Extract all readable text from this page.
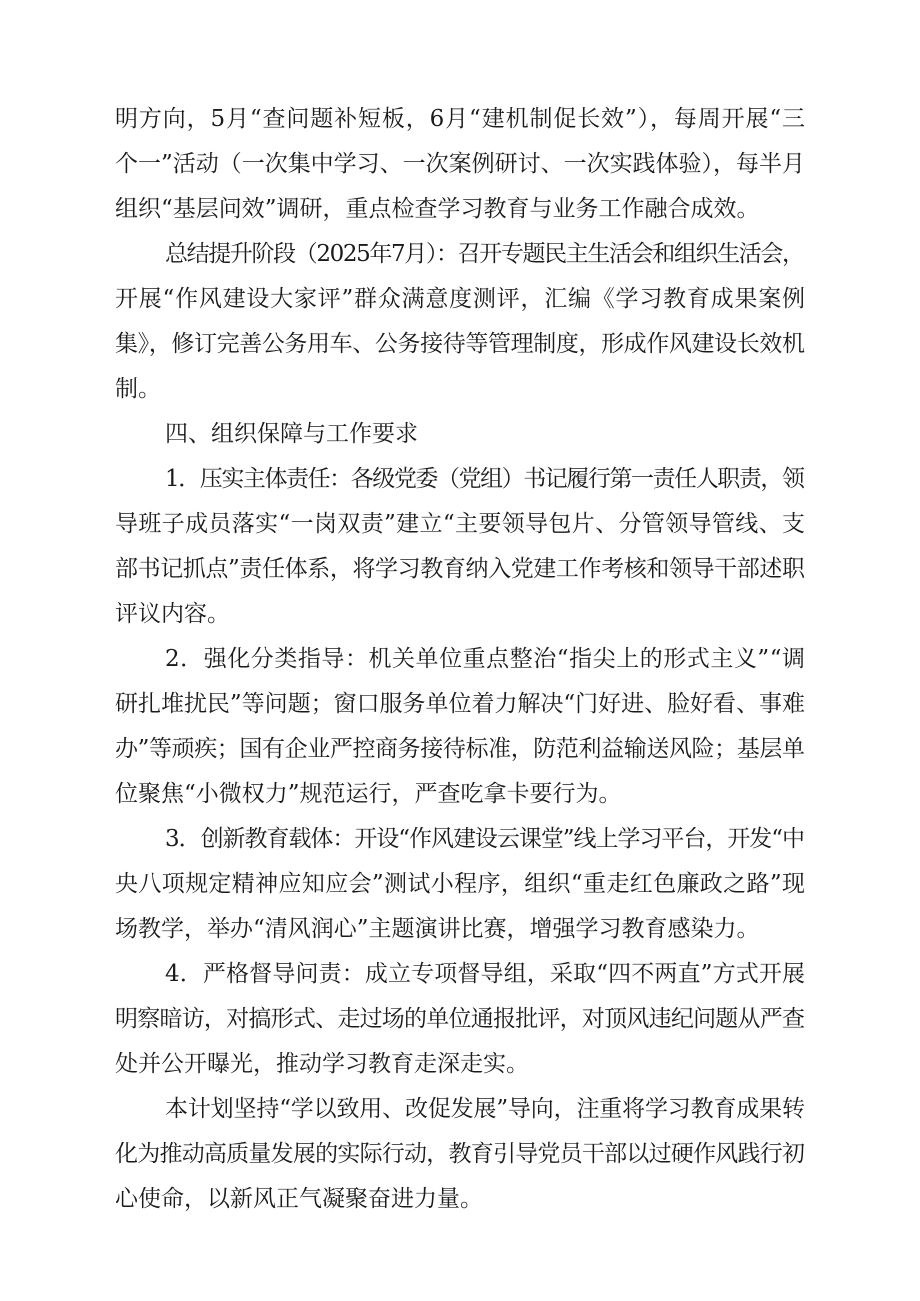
明方向，5月“查问题补短板，6月“建机制促长效”），每周开展“三

个一”活动（一次集中学习、一次案例研讨、一次实践体验），每半月

组织“基层问效”调研，重点检查学习教育与业务工作融合成效。

总结提升阶段（2025年7月）：召开专题民主生活会和组织生活会，

开展“作风建设大家评”群众满意度测评，汇编《学习教育成果案例

集》，修订完善公务用车、公务接待等管理制度，形成作风建设长效机

制。

四、组织保障与工作要求

1．压实主体责任：各级党委（党组）书记履行第一责任人职责，领

导班子成员落实“一岗双责”建立“主要领导包片、分管领导管线、支

部书记抓点”责任体系，将学习教育纳入党建工作考核和领导干部述职

评议内容。

2．强化分类指导：机关单位重点整治“指尖上的形式主义”“调

研扎堆扰民”等问题；窗口服务单位着力解决“门好进、脸好看、事难

办”等顽疾；国有企业严控商务接待标准，防范利益输送风险；基层单

位聚焦“小微权力”规范运行，严查吃拿卡要行为。

3．创新教育载体：开设“作风建设云课堂”线上学习平台，开发“中

央八项规定精神应知应会”测试小程序，组织“重走红色廉政之路”现

场教学，举办“清风润心”主题演讲比赛，增强学习教育感染力。

4．严格督导问责：成立专项督导组，采取“四不两直”方式开展

明察暗访，对搞形式、走过场的单位通报批评，对顶风违纪问题从严查

处并公开曝光，推动学习教育走深走实。

本计划坚持“学以致用、改促发展”导向，注重将学习教育成果转

化为推动高质量发展的实际行动，教育引导党员干部以过硬作风践行初

心使命，以新风正气凝聚奋进力量。
